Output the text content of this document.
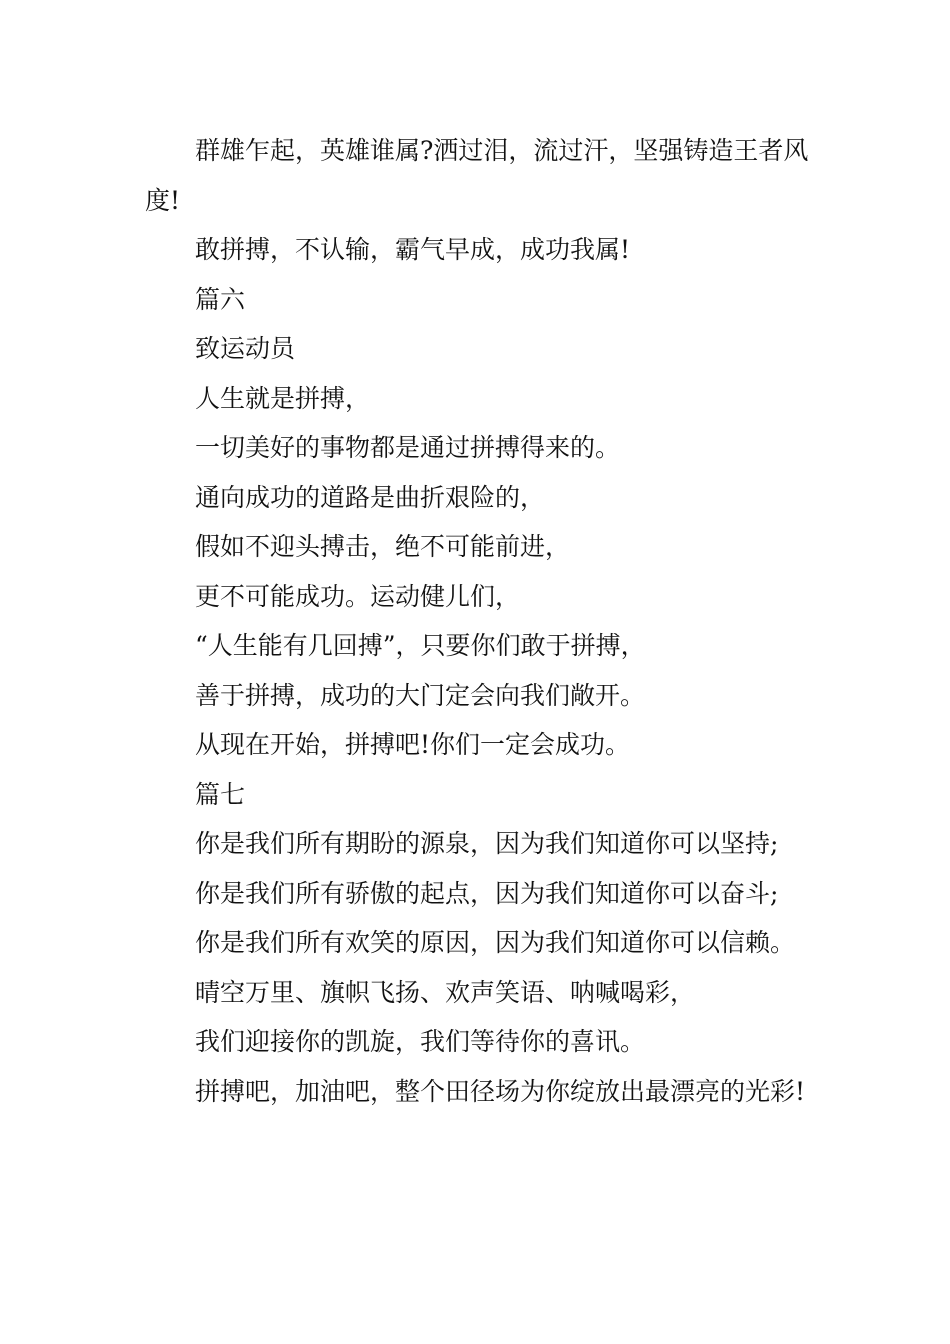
群雄乍起，英雄谁属?洒过泪，流过汗，坚强铸造王者风度!

敢拼搏，不认输，霸气早成，成功我属!

篇六

致运动员

人生就是拼搏，

一切美好的事物都是通过拼搏得来的。

通向成功的道路是曲折艰险的，

假如不迎头搏击，绝不可能前进，

更不可能成功。运动健儿们，

“人生能有几回搏”，只要你们敢于拼搏，

善于拼搏，成功的大门定会向我们敞开。

从现在开始，拼搏吧!你们一定会成功。

篇七

你是我们所有期盼的源泉，因为我们知道你可以坚持;

你是我们所有骄傲的起点，因为我们知道你可以奋斗;

你是我们所有欢笑的原因，因为我们知道你可以信赖。

晴空万里、旗帜飞扬、欢声笑语、呐喊喝彩，

我们迎接你的凯旋，我们等待你的喜讯。

拼搏吧，加油吧，整个田径场为你绽放出最漂亮的光彩!
